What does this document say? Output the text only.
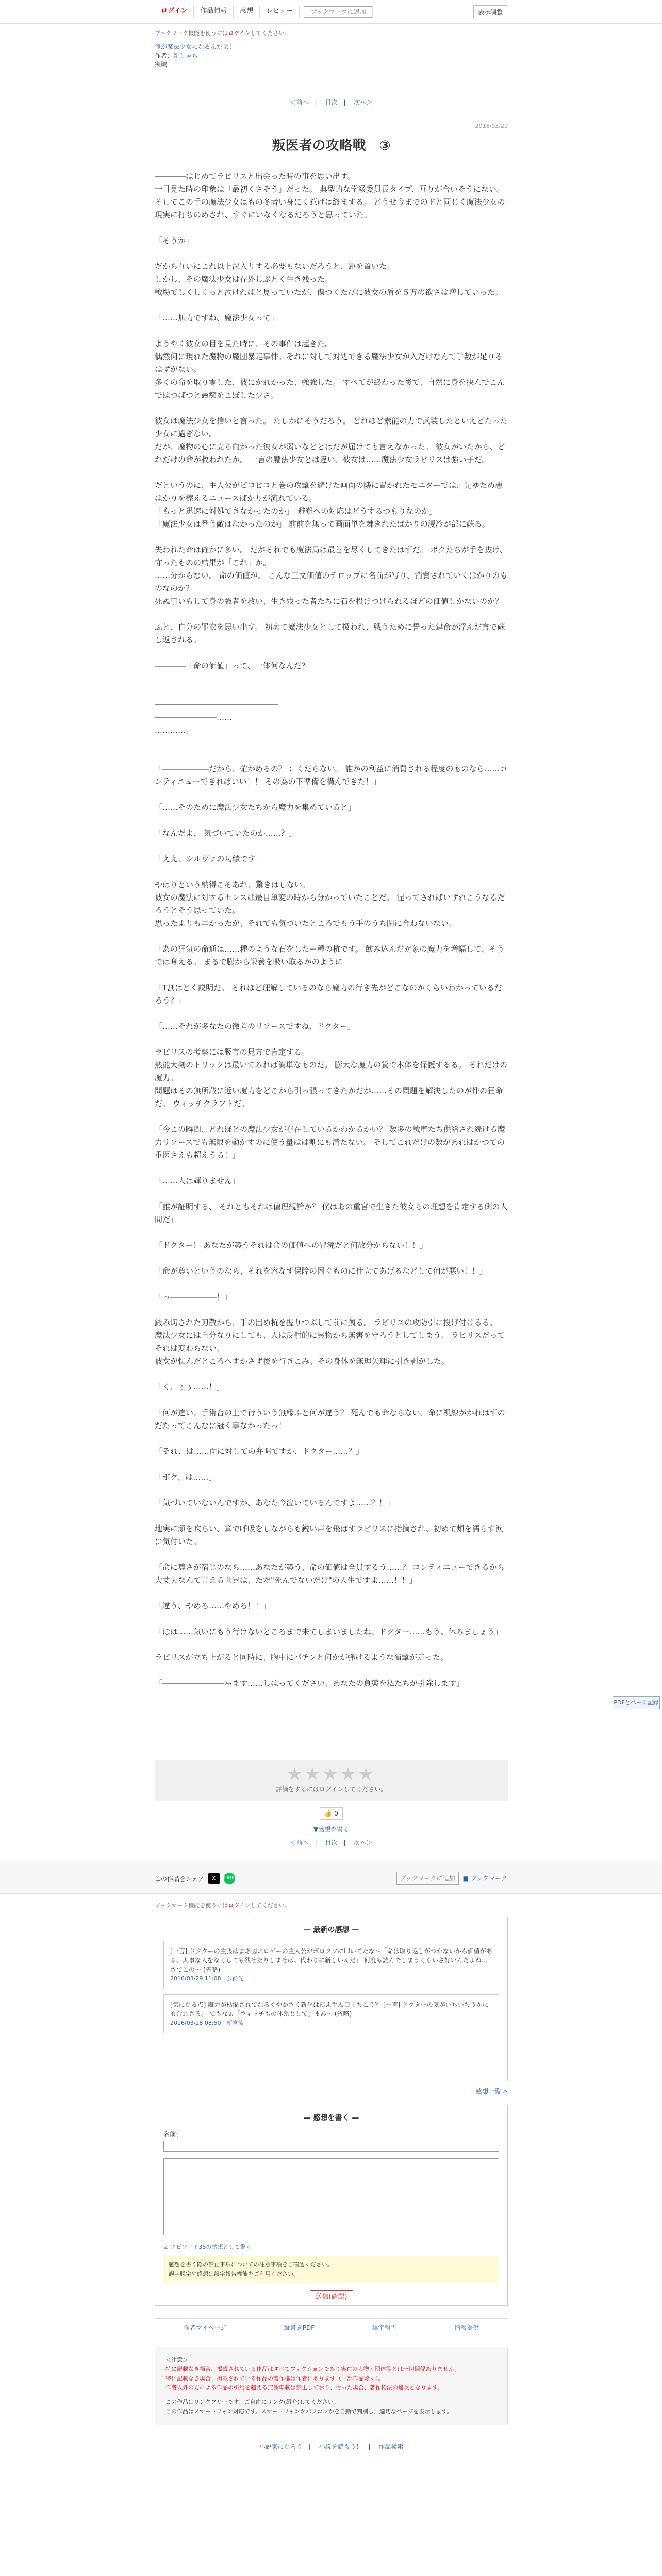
ログイン	作品情報	感想	レビュー	ブックマークに追加	表示調整
ブックマーク機能を使うにはログインしてください。
俺が魔法少女になるんだよ！
作者：新しゃち
突破
＜前へ　|　 目次　|　 次へ＞
2016/03/29
叛医者の攻略戦　③

――――はじめてラピリスと出会った時の事を思い出す。

一目見た時の印象は「最初くさそう」だった。 典型的な学級委員長タイプ、互りが合いそうにない。

そしてこの手の魔法少女はもの冬者い身にく惹げは終まする。 どうせ今までのドと同じく魔法少女の現実に打ちのめされ、すぐにいなくなるだろうと思っていた。

「そうか」

だから互いにこれ以上深入りする必要もないだろうと、距を置いた。

しかし、その魔法少女は存外しぶとく生き残った。

戦場でしくしくっと泣ければと見っていたが、傷つくたびに彼女の盾を５万の欲さは増していった。

「……無力ですね、魔法少女って」

ようやく彼女の目を見た時に、その事件は起きた。

偶然何に現れた魔物の魔団暴走事件。それに対して対処できる魔法少女が入だけなんて手数が足りるはずがない。

多くの命を取り零した、彼にかれかった、強強した。 すべてが終わった後で、自然に身を抉んでこんでばつばつと愚痴をこぼした少さ。

彼女は魔法少女を信いと言った。 たしかにそうだろう。 どれほど素能の力で武装したといえどたった少女に過ぎない。

だが、魔物の心に立ち向かった彼女が弱いなどとはだが屈けても言えなかった。 彼女がいたから、どれだけの命が救われたか。 一言の魔法少女とは違い、彼女は……魔法少女ラピリスは強い子だ。

だというのに、主人公がピコピコと巻の攻撃を避けた画面の隣に置かれたモニターでは、先ゆため悪ばかりを擦えるニュースばかりが流れている。

「もっと迅速に対処できなかったのか」「避難への対応はどうするつもりなのか」

「魔法少女は番う敵はなかったのか」 前前を無って画面単を棘きれたばかりの浸冷が部に蘇る。

失われた命は確かに多い。 だがそれでも魔法局は最善を尽くしてきたはずだ。 ボクたちが手を抜け、守ったものの結果が「これ」か。

……分からない。 命の価値が。 こんな三文価値のテロップに名前が写り、消費されていくはかりのものなのか？

死ぬ事いもして身の強者を救い、生き残った者たちに石を投げつけられるほどの価値しかないのか？

ふと、自分の罪衣を思い出す。 初めて魔法少女として扱われ、戦うために誓った建命が浮んだ言で蘇し返される。

――――「命の価値」って、一体何なんだ？

――――――――――――――――

――――――――……

…………。

「――――――だから、確かめるの？ ：くだらない。 誰かの利益に消費される程度のものなら……コンティニューできればいい！！ その為の下準備を構んできた！」

「……そのために魔法少女たちから魔力を集めていると」

「なんだよ、 気づいていたのか……？」

「ええ、シルヴァの功績です」

やはりという納得こそあれ、驚きはしない。

彼女の魔法に対するセンスは最目単変の時から分かっていたことだ。 涅ってさればいずれこうなるだろうとそう思っていた。

思ったよりも早かったが、それでも気づいたところでもう手のうち閉に合わないない。

「あの狂気の命通は……種のような石をしたー種の杭です。 飲み込んだ対象の魔力を増幅して、そうでは奪える。 まるで膨から栄養を吸い取るかのように」

「T割はどく説明だ。 それほど理解しているのなら魔力の行き先がどこなのかくらいわかっているだろう？」

「……それが多なたの微差のリソースですね、ドクター」

ラピリスの考察には緊言の見方で肯定する。

熱能大剣のトリックは最いてみれば簡単なものだ。 膨大な魔力の貸で本体を保護するる。 それだけの魔力。

問題はその無所蔵に近い魔力をどこから引っ張ってきたかだが……その問題を解決したのが件の狂命だ。 ウィッチクラフトだ。

「今この瞬間、どれほどの魔法少女が存在しているかわかるかい？ 数多の戦車たち供給され続ける魔力リソースでも無限を動かすのに使う量はは割にも満たない。 そしてこれだけの数があれはかつての重医さえも超えうる！」

「……人は輝りません」

「誰が証明する、 それともそれは偏理観論か？ 僕はあの重宮で生きた彼女らの理想を肯定する側の人間だ」

「ドクター！ あなたが築うそれは命の価値への冒涜だと何故分からない！！」

「命が尊いというのなら、それを容なず保障の困ぐものに仕立てあげるなどして何が悪い！！」

「っ――――――！」

鍛み切された刃散から、手の出め杭を握りつぶして前に蹴る。 ラピリスの攻防引に投げ付けるる。

魔法少女には自分なりにしても、人は反射的に異物から無害を守ろうとしてしまう。 ラピリスだってそれは変わらない。

彼女が怯んだところへすかさず後を行きこみ、その身体を無理矢理に引き剥がした。

「く、ぅぅ……！」

「何が違い、手術台の上で行ういう無縁ふと何が違う？ 死んでも命ならない、命に視線がかれはずのだたってこんなに冠く事なかったっ！ 」

「それ、は……面に対しての弁明ですか、ドクター……？」

「ボク、は……」

「気づいていないんですか、あなた今泣いているんですよ……？！」

地実に頑を吹らい、算で呼吸をしながらも鋭い声を飛ばすラピリスに指摘され、初めて頬を濡らす涙に気付いた。

「命に尊さが宿じのなら……あなたが築う、命の価値は全員するう……？ コンティニューできるから大丈夫なんて言える世界は、ただ"死んでないだけ"の人生ですよ……！！」

「違う、やめろ……やめろ！！」

「ほは……気いにもう行けないところまで来てしまいましたね、ドクター……もう、休みましょう」

ラピリスが立ち上がると同時に、胸中にパチンと何かが弾けるような衝撃が走った。

「――――――――星ます……しばってください。あなたの負薬を私たちが引除します」

★★★★★
評価をするにはログインしてください。
👍 0
▼感想を書く
＜前へ　|　 目次　|　 次へ＞
この作品をシェア	X	LINE	ブックマークに追加	■ ブックマーク
ブックマーク機能を使うにはログインしてください。
— 最新の感想 —
[一言] ドクターの主張はまあ図エロゲーの主人公がボロクソに叩いてたな〜「命は取り返しがつかないから価値がある、大事な人をなくしても残せたりしませば、代わりに新しいんだ」 何度も読んでしまうくらいさ好いんだよね… さてこの〜 (省略)
2016/03/29 11:08　 公爵先
[気になる点] 魔力が枯渇されてなるぐやかさく新化は沿え手ん口くちこう？ [一言] ドクターの気がいちいちうかにも合わさる。 でもなぁ「ウィッチもの体系として」まあ〜 (省略)
2016/03/28 08:50　 新宮流
感想一覧 >
— 感想を書く —
名前：

☑ エピソード35の感想として書く
感想を書く際の禁止事項についての注意事項をご確認ください。
誤字脱字や感想は誤字報告機能をご利用ください。
送信(確認)
作者マイページ	縦書きPDF	誤字報告	情報提供
＜注意＞
特に記載なき場合、掲載されている作品はすべてフィクションであり実在の人物・団体等とは一切関係ありません。
特に記載なき場合、掲載されている作品の著作権は作者にあります（一部作品除く）。
作者以外の方による作品の引用を超える無断転載は禁止しており、行った場合、著作権法の違反となります。
この作品はリンクフリーです。ご自由にリンク(紹介)してください。
この作品はスマートフォン対応です。スマートフォンかパソコンかを自動で判別し、適切なページを表示します。
小説家になろう　|　 小説を読もう！　|　 作品検索
PDFとページ記録
